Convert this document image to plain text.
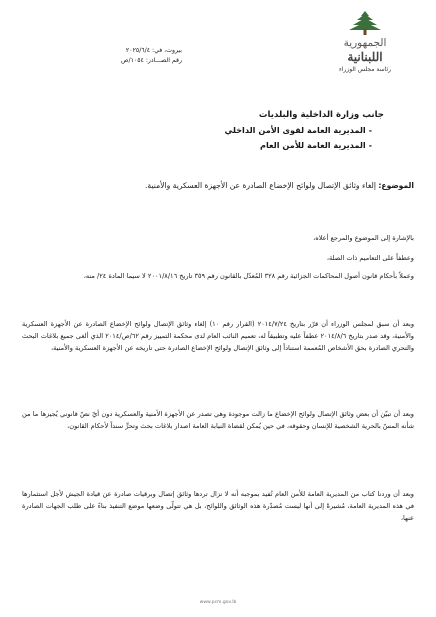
الجمهورية
اللبنانية
رئاسة مجلس الوزراء
بيروت، في: ٢٠٢٥/٦/٤
رقم الصـــادر: ١٠٥٤/ص
جانب وزارة الداخلية والبلديات
- المديرية العامة لقوى الأمن الداخلي
- المديرية العامة للأمن العام
الموضوع: إلغاء وثائق الإتصال ولوائح الإخضاع الصادرة عن الأجهزة العسكرية والأمنية.
بالإشارة إلى الموضوع والمرجع أعلاه،
وعطفاً على التعاميم ذات الصلة،
وعملاً بأحكام قانون أصول المحاكمات الجزائية رقم ٣٢٨ المُعدّل بالقانون رقم ٣٥٩ تاريخ ٢٠٠١/٨/١٦ لا سيما المادة ٢٤/ منه،
وبعد أن سبق لمجلس الوزراء أن قرّر بتاريخ ٢٠١٤/٧/٢٤ (القرار رقم ١٠) إلغاء وثائق الإتصال ولوائح الإخضاع الصادرة عن الأجهزة العسكرية والأمنية، وقد صدر بتاريخ ٢٠١٤/٨/٦ عطفاً عليه وتطبيقاً له، تعميم النائب العام لدى محكمة التمييز رقم ٦٢/ص/٢٠١٤ الذي ألغى جميع بلاغات البحث والتحري الصادرة بحق الأشخاص المُعممة استناداً إلى وثائق الإتصال ولوائح الإخضاع الصادرة حتى تاريخه عن الأجهزة العسكرية والأمنية،
وبعد أن تبيّن أن بعض وثائق الإتصال ولوائح الإخضاع ما زالت موجودة وهي تصدر عن الأجهزة الأمنية والعسكرية دون أيّ نصّ قانوني يُجيزها ما من شأنه المسّ بالحرية الشخصية للإنسان وحقوقه، في حين يُمكن لقضاة النيابة العامة اصدار بلاغات بحث وتحرٍّ سنداً لأحكام القانون،
وبعد أن وردنا كتاب من المديرية العامة للأمن العام تُفيد بموجبه أنه لا نزال تردها وثائق إتصال وبرقيات صادرة عن قيادة الجيش لأجل استثمارها في هذه المديرية العامة، مُشيرةً إلى أنها ليست مُصدّرة هذه الوثائق واللوائح، بل هي تتولّى وضعها موضع التنفيذ بناءً على طلب الجهات الصادرة عنها،
www.pcm.gov.lb
